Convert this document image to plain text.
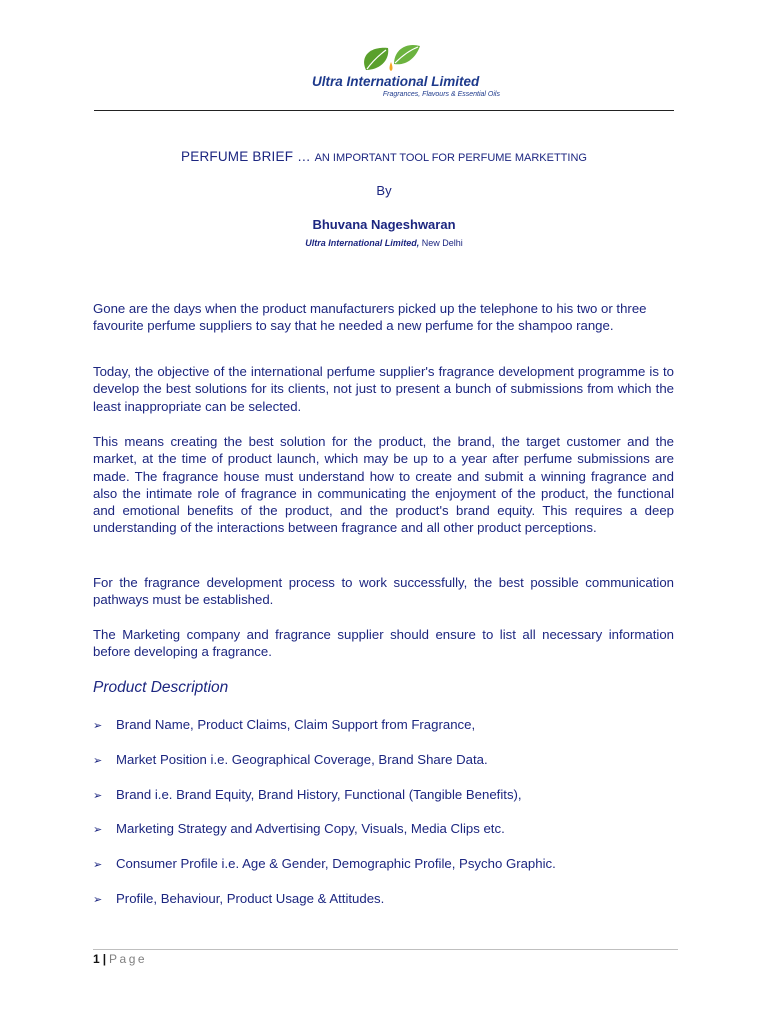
Ultra International Limited
Fragrances, Flavours & Essential Oils
PERFUME BRIEF … AN IMPORTANT TOOL FOR PERFUME MARKETTING
By
Bhuvana Nageshwaran
Ultra International Limited, New Delhi
Gone are the days when the product manufacturers picked up the telephone to his two or three favourite perfume suppliers to say that he needed a new perfume for the shampoo range.
Today, the objective of the international perfume supplier's fragrance development programme is to develop the best solutions for its clients, not just to present a bunch of submissions from which the least inappropriate can be selected.
This means creating the best solution for the product, the brand, the target customer and the market, at the time of product launch, which may be up to a year after perfume submissions are made. The fragrance house must understand how to create and submit a winning fragrance and also the intimate role of fragrance in communicating the enjoyment of the product, the functional and emotional benefits of the product, and the product's brand equity. This requires a deep understanding of the interactions between fragrance and all other product perceptions.
For the fragrance development process to work successfully, the best possible communication pathways must be established.
The Marketing company and fragrance supplier should ensure to list all necessary information before developing a fragrance.
Product Description
➢ Brand Name, Product Claims, Claim Support from Fragrance,
➢ Market Position i.e. Geographical Coverage, Brand Share Data.
➢ Brand i.e. Brand Equity, Brand History, Functional (Tangible Benefits),
➢ Marketing Strategy and Advertising Copy, Visuals, Media Clips etc.
➢ Consumer Profile i.e. Age & Gender, Demographic Profile, Psycho Graphic.
➢ Profile, Behaviour, Product Usage & Attitudes.
1 | Page
